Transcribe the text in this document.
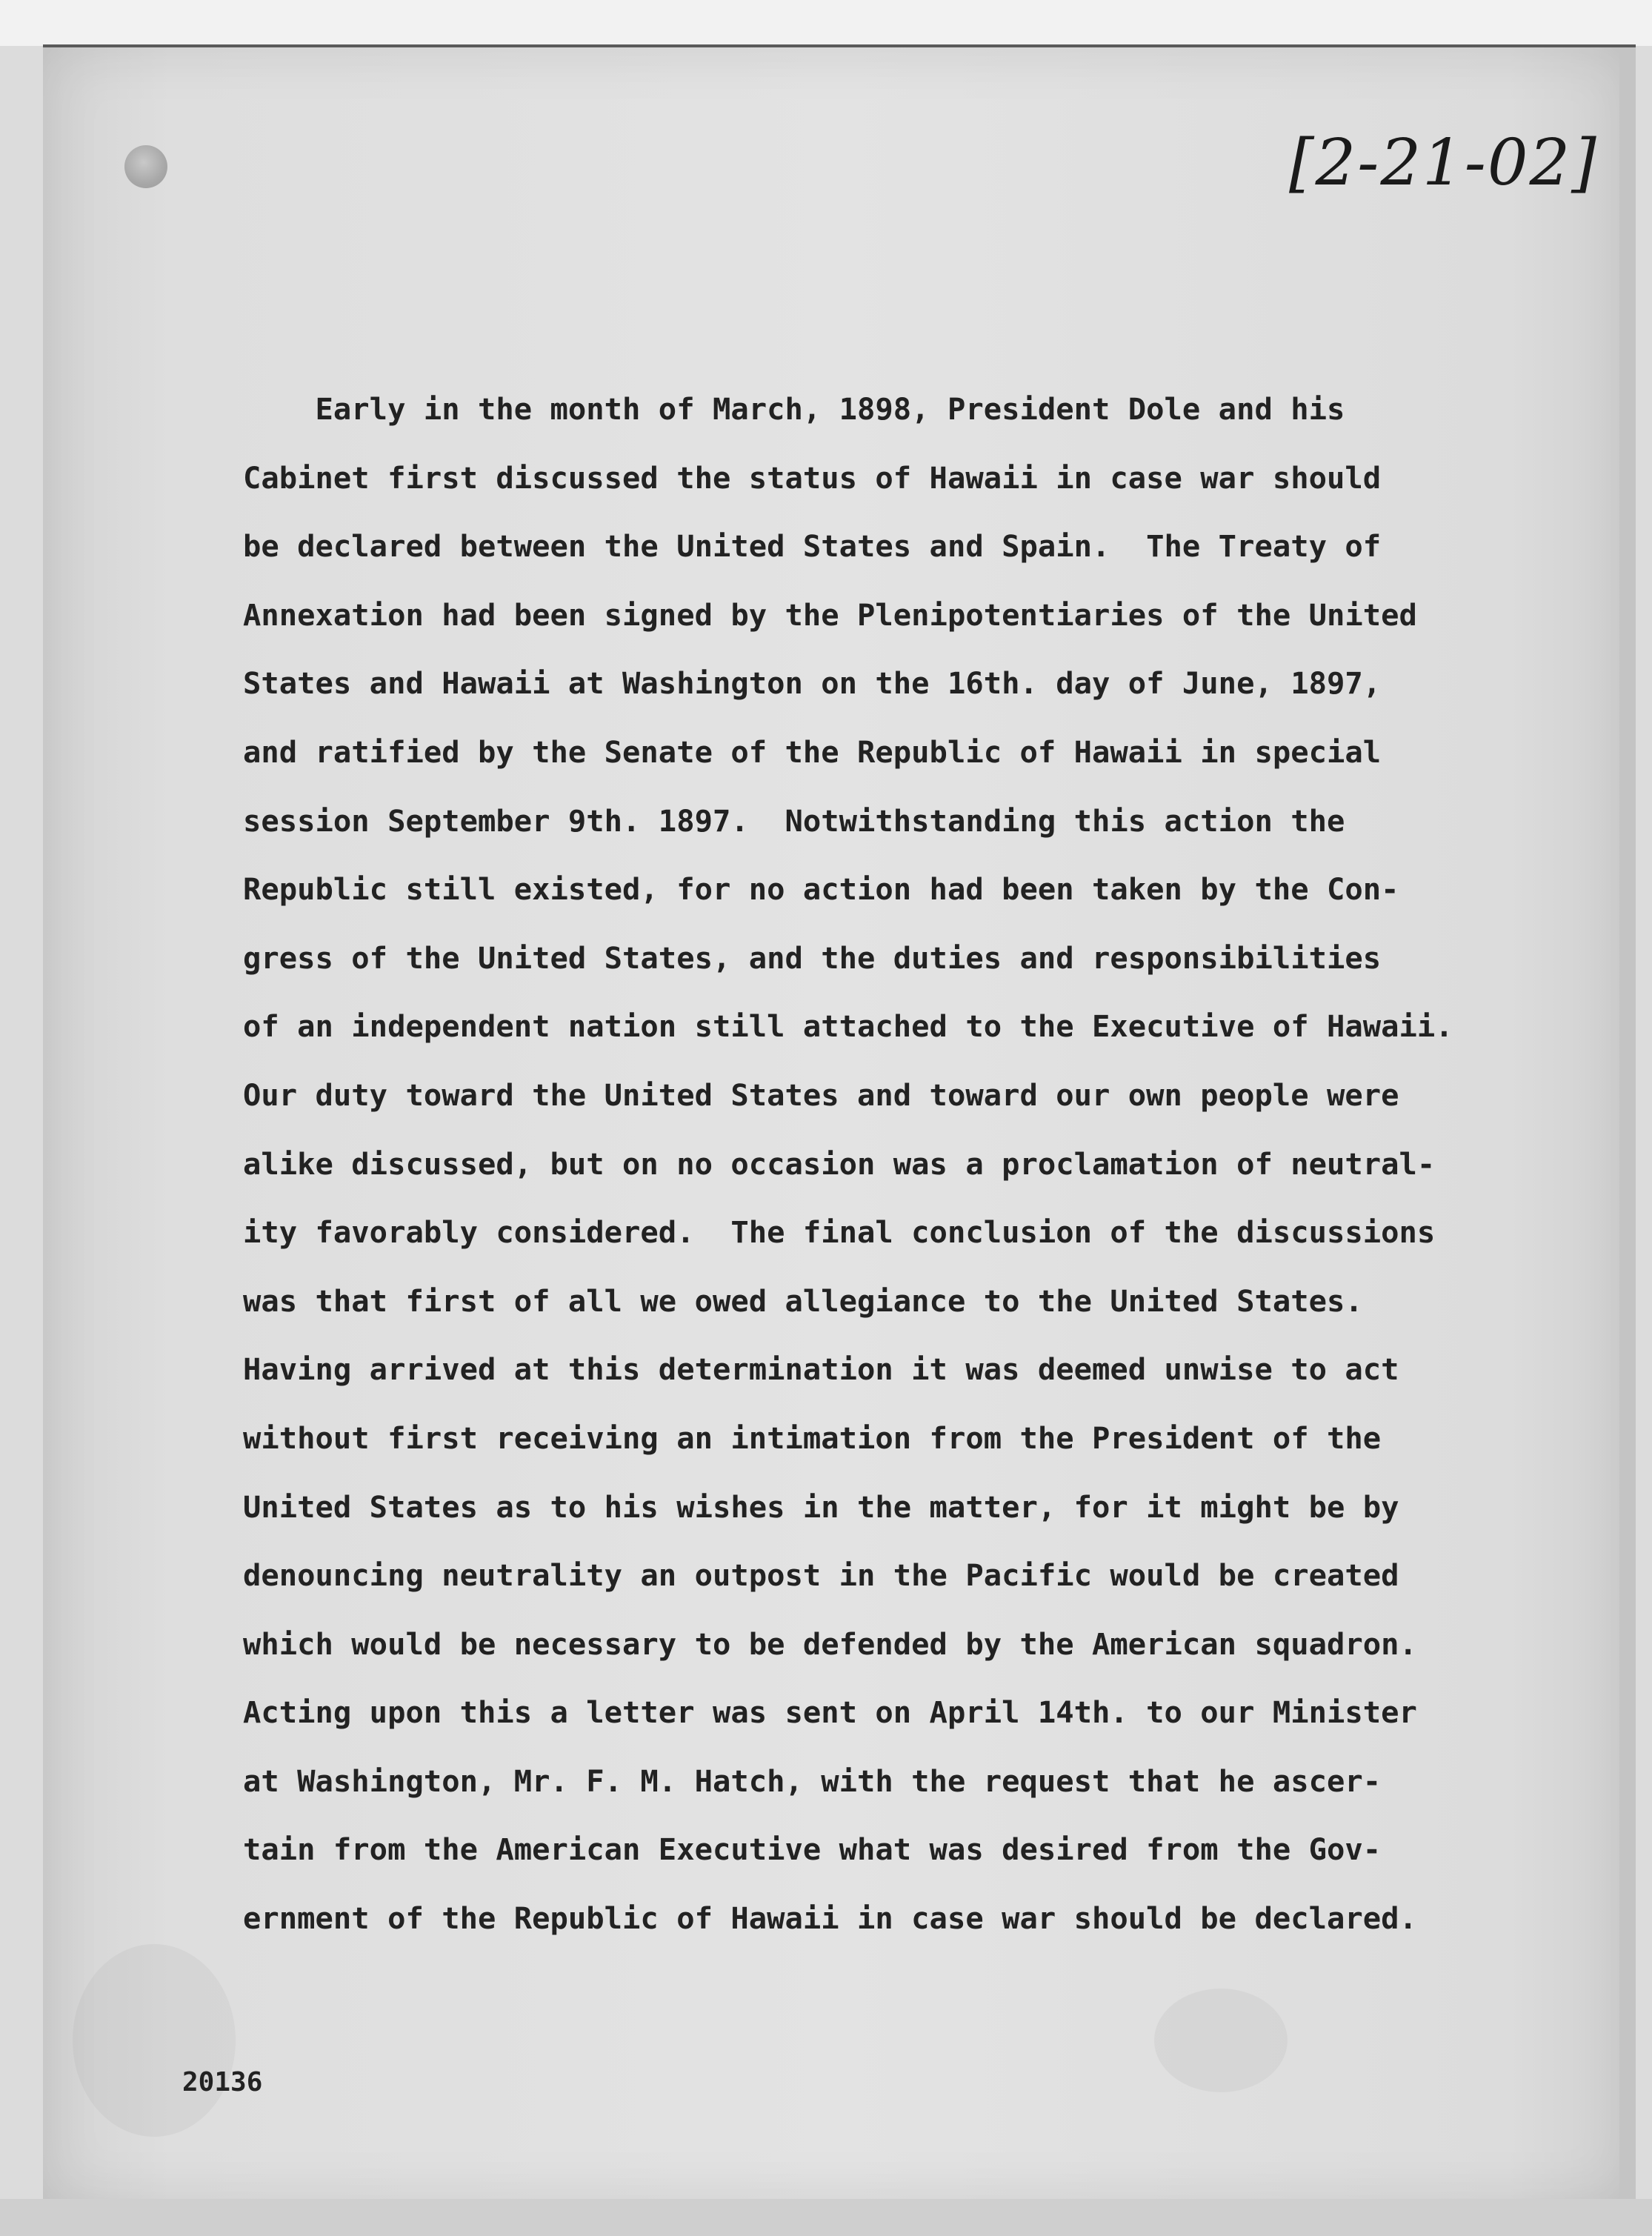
[2-21-02]
Early in the month of March, 1898, President Dole and his
Cabinet first discussed the status of Hawaii in case war should
be declared between the United States and Spain.  The Treaty of
Annexation had been signed by the Plenipotentiaries of the United
States and Hawaii at Washington on the 16th. day of June, 1897,
and ratified by the Senate of the Republic of Hawaii in special
session September 9th. 1897.  Notwithstanding this action the
Republic still existed, for no action had been taken by the Con-
gress of the United States, and the duties and responsibilities
of an independent nation still attached to the Executive of Hawaii.
Our duty toward the United States and toward our own people were
alike discussed, but on no occasion was a proclamation of neutral-
ity favorably considered.  The final conclusion of the discussions
was that first of all we owed allegiance to the United States.
Having arrived at this determination it was deemed unwise to act
without first receiving an intimation from the President of the
United States as to his wishes in the matter, for it might be by
denouncing neutrality an outpost in the Pacific would be created
which would be necessary to be defended by the American squadron.
Acting upon this a letter was sent on April 14th. to our Minister
at Washington, Mr. F. M. Hatch, with the request that he ascer-
tain from the American Executive what was desired from the Gov-
ernment of the Republic of Hawaii in case war should be declared.
20136
